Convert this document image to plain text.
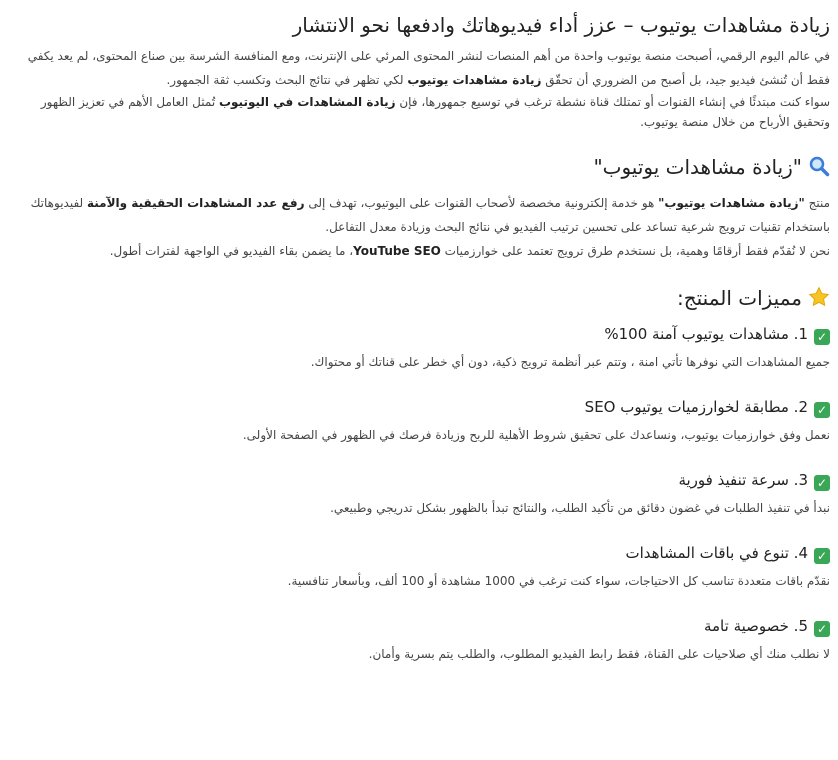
زيادة مشاهدات يوتيوب – عزز أداء فيديوهاتك وادفعها نحو الانتشار

في عالم اليوم الرقمي، أصبحت منصة يوتيوب واحدة من أهم المنصات لنشر المحتوى المرئي على الإنترنت، ومع المنافسة الشرسة بين صناع المحتوى، لم يعد يكفي فقط أن تُنشئ فيديو جيد، بل أصبح من الضروري أن تحقّق زيادة مشاهدات يوتيوب لكي تظهر في نتائج البحث وتكسب ثقة الجمهور.

سواء كنت مبتدئًا في إنشاء القنوات أو تمتلك قناة نشطة ترغب في توسيع جمهورها، فإن زيادة المشاهدات في اليوتيوب تُمثل العامل الأهم في تعزيز الظهور وتحقيق الأرباح من خلال منصة يوتيوب.

"زيادة مشاهدات يوتيوب"

منتج "زيادة مشاهدات يوتيوب" هو خدمة إلكترونية مخصصة لأصحاب القنوات على اليوتيوب، تهدف إلى رفع عدد المشاهدات الحقيقية والآمنة لفيديوهاتك باستخدام تقنيات ترويج شرعية تساعد على تحسين ترتيب الفيديو في نتائج البحث وزيادة معدل التفاعل.

نحن لا نُقدّم فقط أرقامًا وهمية، بل نستخدم طرق ترويج تعتمد على خوارزميات YouTube SEO، ما يضمن بقاء الفيديو في الواجهة لفترات أطول.

مميزات المنتج:
✓1. مشاهدات يوتيوب آمنة 100%

جميع المشاهدات التي نوفرها تأتي امنة ، وتتم عبر أنظمة ترويج ذكية، دون أي خطر على قناتك أو محتواك.

✓2. مطابقة لخوارزميات يوتيوب SEO

نعمل وفق خوارزميات يوتيوب، ونساعدك على تحقيق شروط الأهلية للربح وزيادة فرصك في الظهور في الصفحة الأولى.

✓3. سرعة تنفيذ فورية

نبدأ في تنفيذ الطلبات في غضون دقائق من تأكيد الطلب، والنتائج تبدأ بالظهور بشكل تدريجي وطبيعي.

✓4. تنوع في باقات المشاهدات

نقدّم باقات متعددة تناسب كل الاحتياجات، سواء كنت ترغب في 1000 مشاهدة أو 100 ألف، وبأسعار تنافسية.

✓5. خصوصية تامة

لا نطلب منك أي صلاحيات على القناة، فقط رابط الفيديو المطلوب، والطلب يتم بسرية وأمان.
